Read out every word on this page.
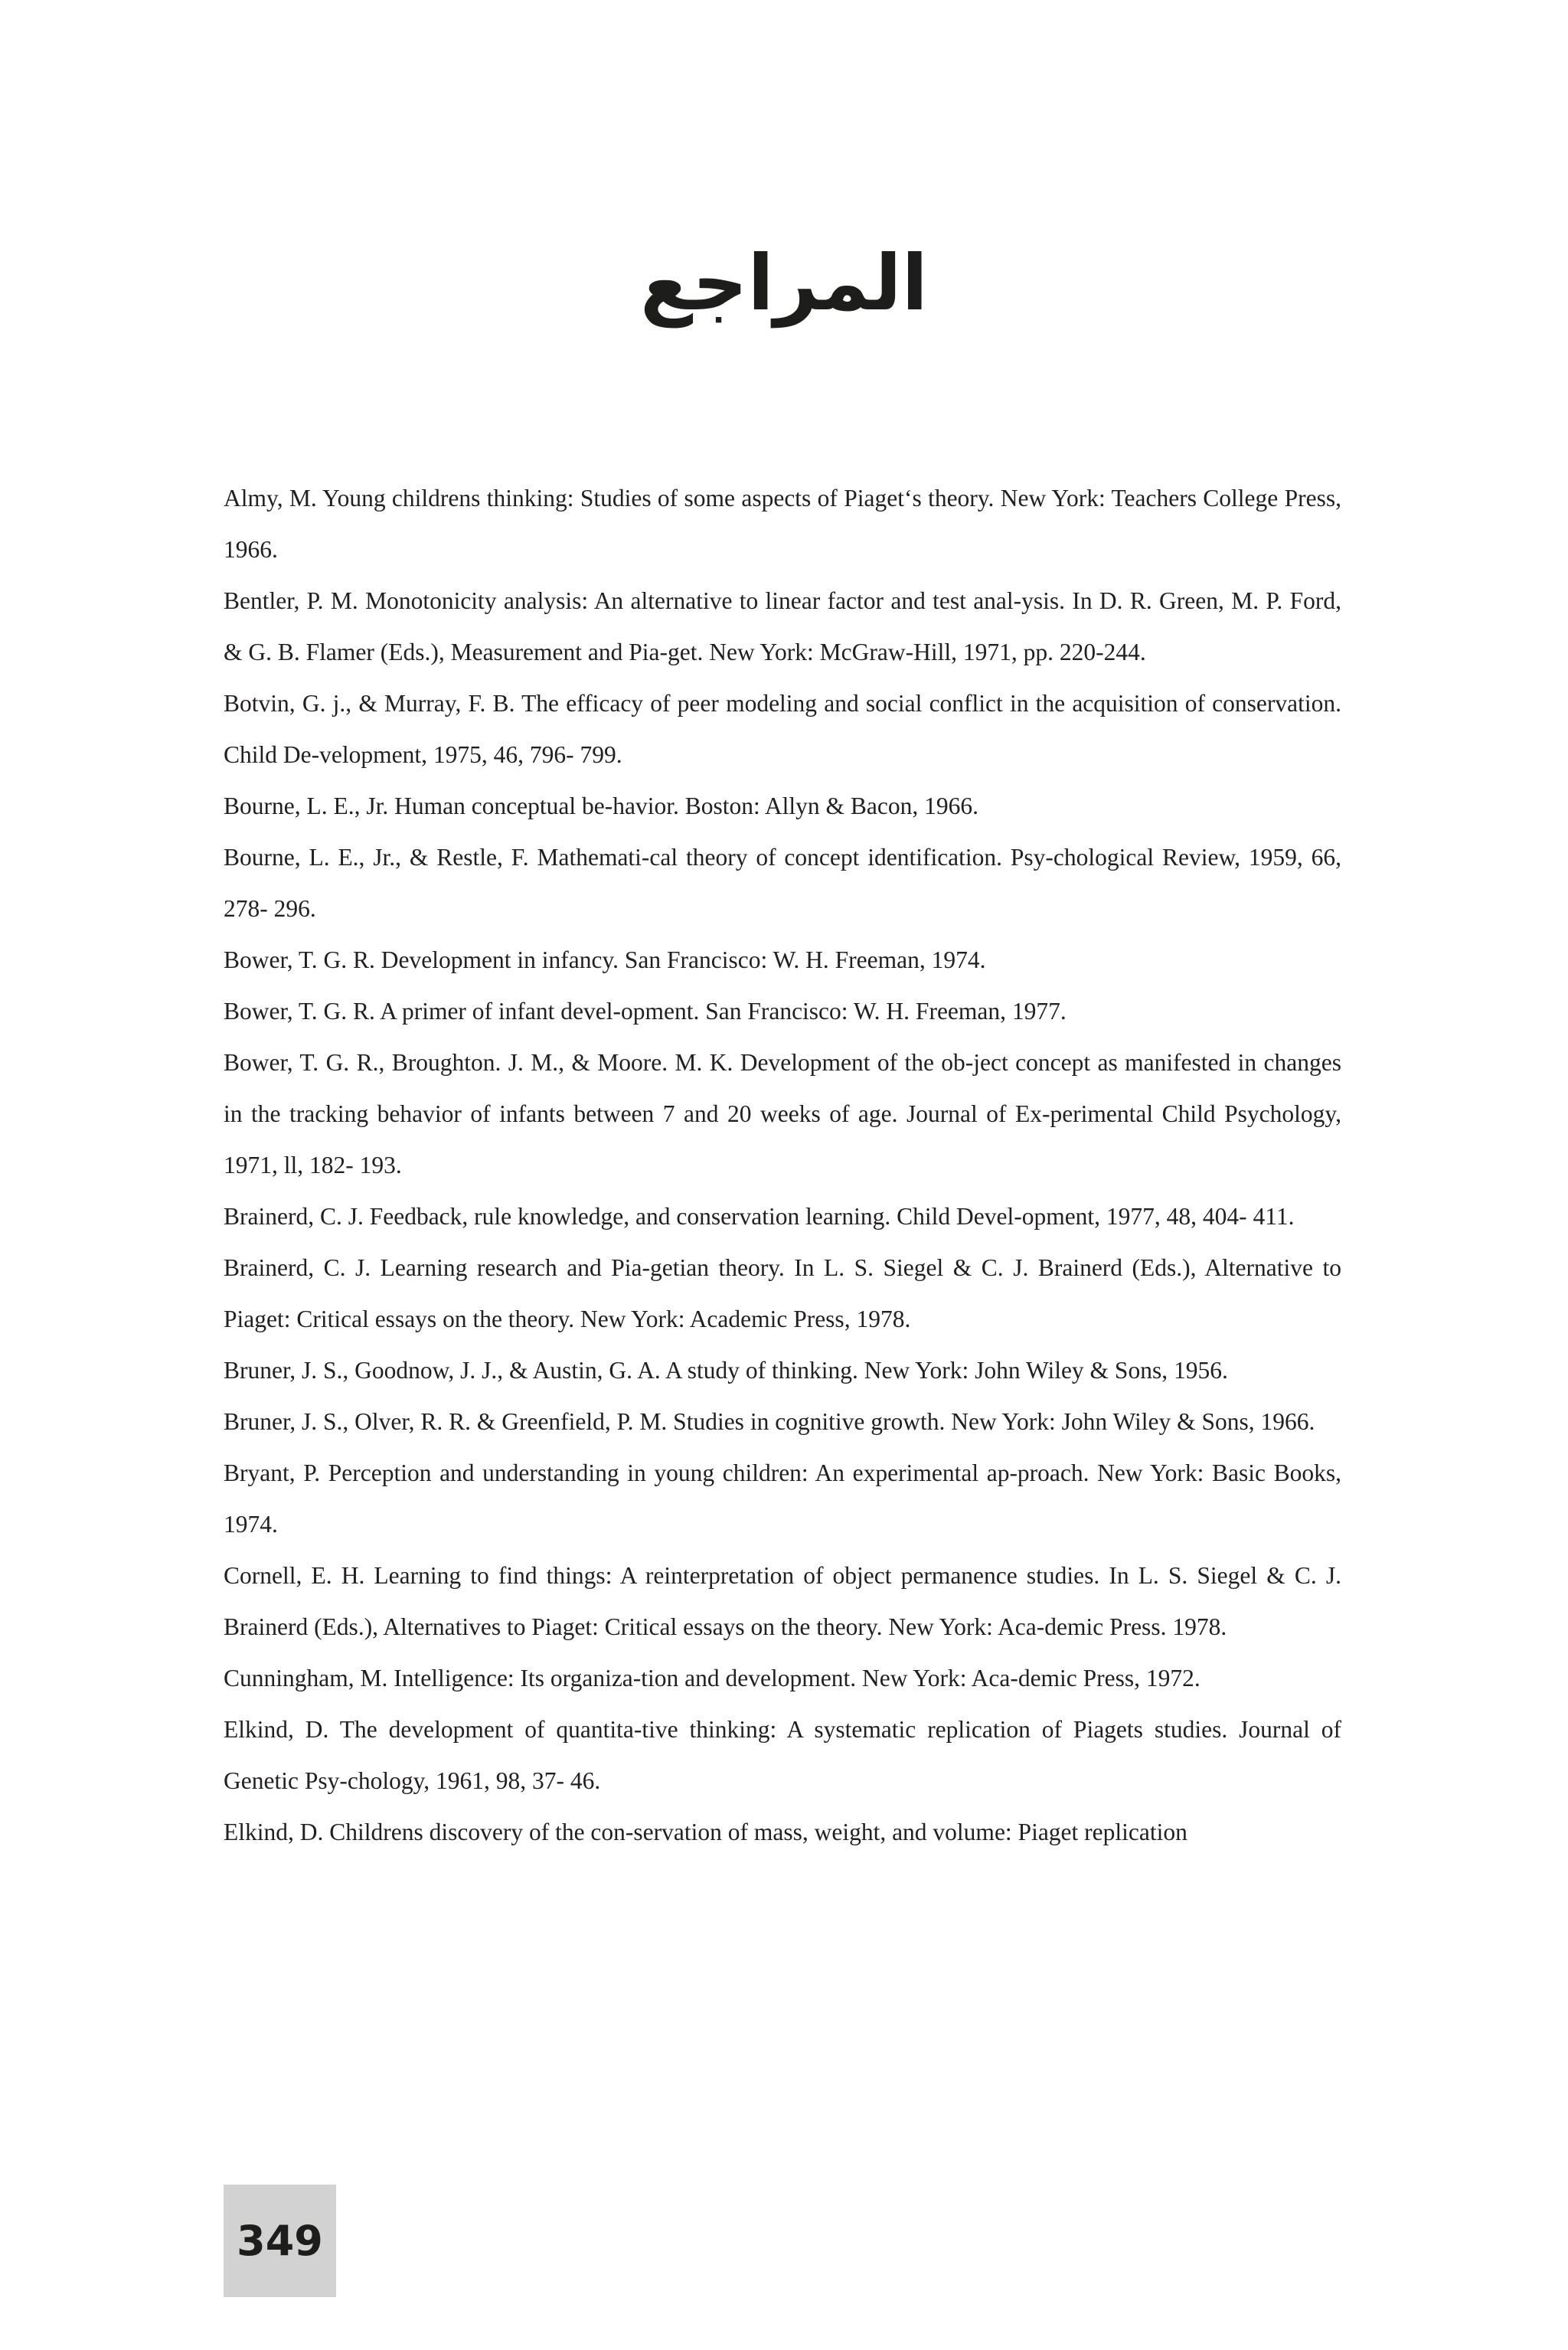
المراجع
Almy, M. Young childrens thinking: Studies of some aspects of Piaget‘s theory. New York: Teachers College Press, 1966.
Bentler, P. M. Monotonicity analysis: An alternative to linear factor and test anal-ysis. In D. R. Green, M. P. Ford, & G. B. Flamer (Eds.), Measurement and Pia-get. New York: McGraw-Hill, 1971, pp. 220-244.
Botvin, G. j., & Murray, F. B. The efficacy of peer modeling and social conflict in the acquisition of conservation. Child De-velopment, 1975, 46, 796- 799.
Bourne, L. E., Jr. Human conceptual be-havior. Boston: Allyn & Bacon, 1966.
Bourne, L. E., Jr., & Restle, F. Mathemati-cal theory of concept identification. Psy-chological Review, 1959, 66, 278- 296.
Bower, T. G. R. Development in infancy. San Francisco: W. H. Freeman, 1974.
Bower, T. G. R. A primer of infant devel-opment. San Francisco: W. H. Freeman, 1977.
Bower, T. G. R., Broughton. J. M., & Moore. M. K. Development of the ob-ject concept as manifested in changes in the tracking behavior of infants between 7 and 20 weeks of age. Journal of Ex-perimental Child Psychology, 1971, ll, 182- 193.
Brainerd, C. J. Feedback, rule knowledge, and conservation learning. Child Devel-opment, 1977, 48, 404- 411.
Brainerd, C. J. Learning research and Pia-getian theory. In L. S. Siegel & C. J. Brainerd (Eds.), Alternative to Piaget: Critical essays on the theory. New York: Academic Press, 1978.
Bruner, J. S., Goodnow, J. J., & Austin, G. A. A study of thinking. New York: John Wiley & Sons, 1956.
Bruner, J. S., Olver, R. R. & Greenfield, P. M. Studies in cognitive growth. New York: John Wiley & Sons, 1966.
Bryant, P. Perception and understanding in young children: An experimental ap-proach. New York: Basic Books, 1974.
Cornell, E. H. Learning to find things: A reinterpretation of object permanence studies. In L. S. Siegel & C. J. Brainerd (Eds.), Alternatives to Piaget: Critical essays on the theory. New York: Aca-demic Press. 1978.
Cunningham, M. Intelligence: Its organiza-tion and development. New York: Aca-demic Press, 1972.
Elkind, D. The development of quantita-tive thinking: A systematic replication of Piagets studies. Journal of Genetic Psy-chology, 1961, 98, 37- 46.
Elkind, D. Childrens discovery of the con-servation of mass, weight, and volume: Piaget replication
349
